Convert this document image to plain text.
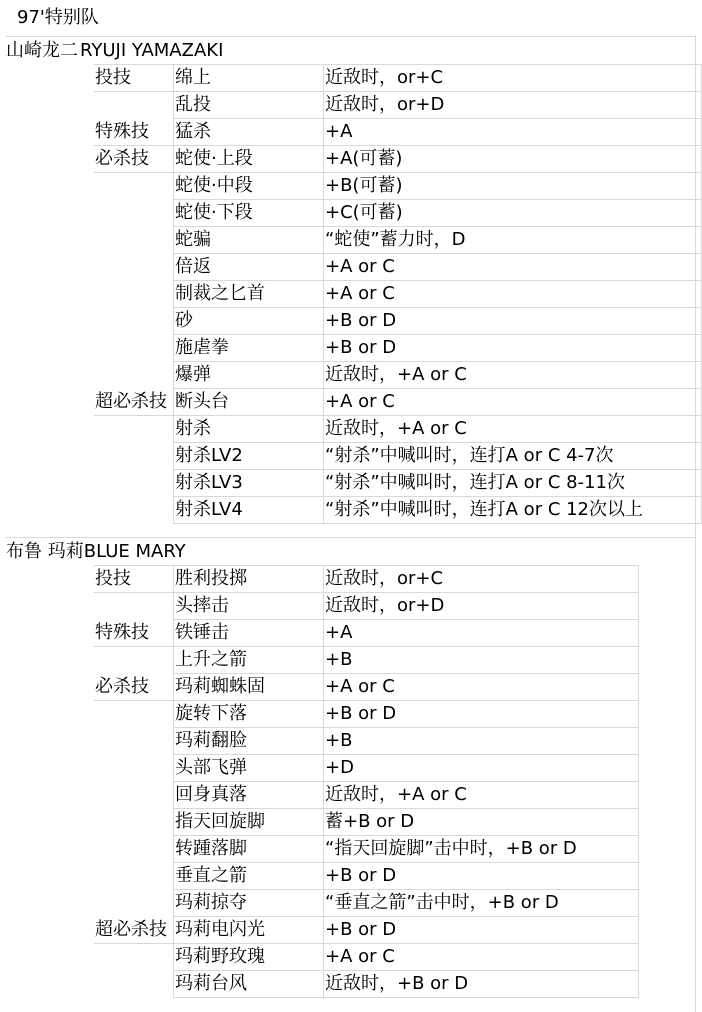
97'特别队
山崎龙二 RYUJI YAMAZAKI
投技	绵上	近敌时，or+C
	乱投	近敌时，or+D
特殊技	猛杀	+A
必杀技	蛇使·上段	+A(可蓄)
	蛇使·中段	+B(可蓄)
	蛇使·下段	+C(可蓄)
	蛇骗	“蛇使”蓄力时，D
	倍返	+A or C
	制裁之匕首	+A or C
	砂	+B or D
	施虐拳	+B or D
	爆弹	近敌时，+A or C
超必杀技	断头台	+A or C
	射杀	近敌时，+A or C
	射杀LV2	“射杀”中喊叫时，连打A or C 4-7次
	射杀LV3	“射杀”中喊叫时，连打A or C 8-11次
	射杀LV4	“射杀”中喊叫时，连打A or C 12次以上
布鲁 玛莉BLUE MARY
投技	胜利投掷	近敌时，or+C
	头摔击	近敌时，or+D
特殊技	铁锤击	+A
	上升之箭	+B
必杀技	玛莉蜘蛛固	+A or C
	旋转下落	+B or D
	玛莉翻脸	+B
	头部飞弹	+D
	回身真落	近敌时，+A or C
	指天回旋脚	蓄+B or D
	转踵落脚	“指天回旋脚”击中时，+B or D
	垂直之箭	+B or D
	玛莉掠夺	“垂直之箭”击中时，+B or D
超必杀技	玛莉电闪光	+B or D
	玛莉野玫瑰	+A or C
	玛莉台风	近敌时，+B or D
